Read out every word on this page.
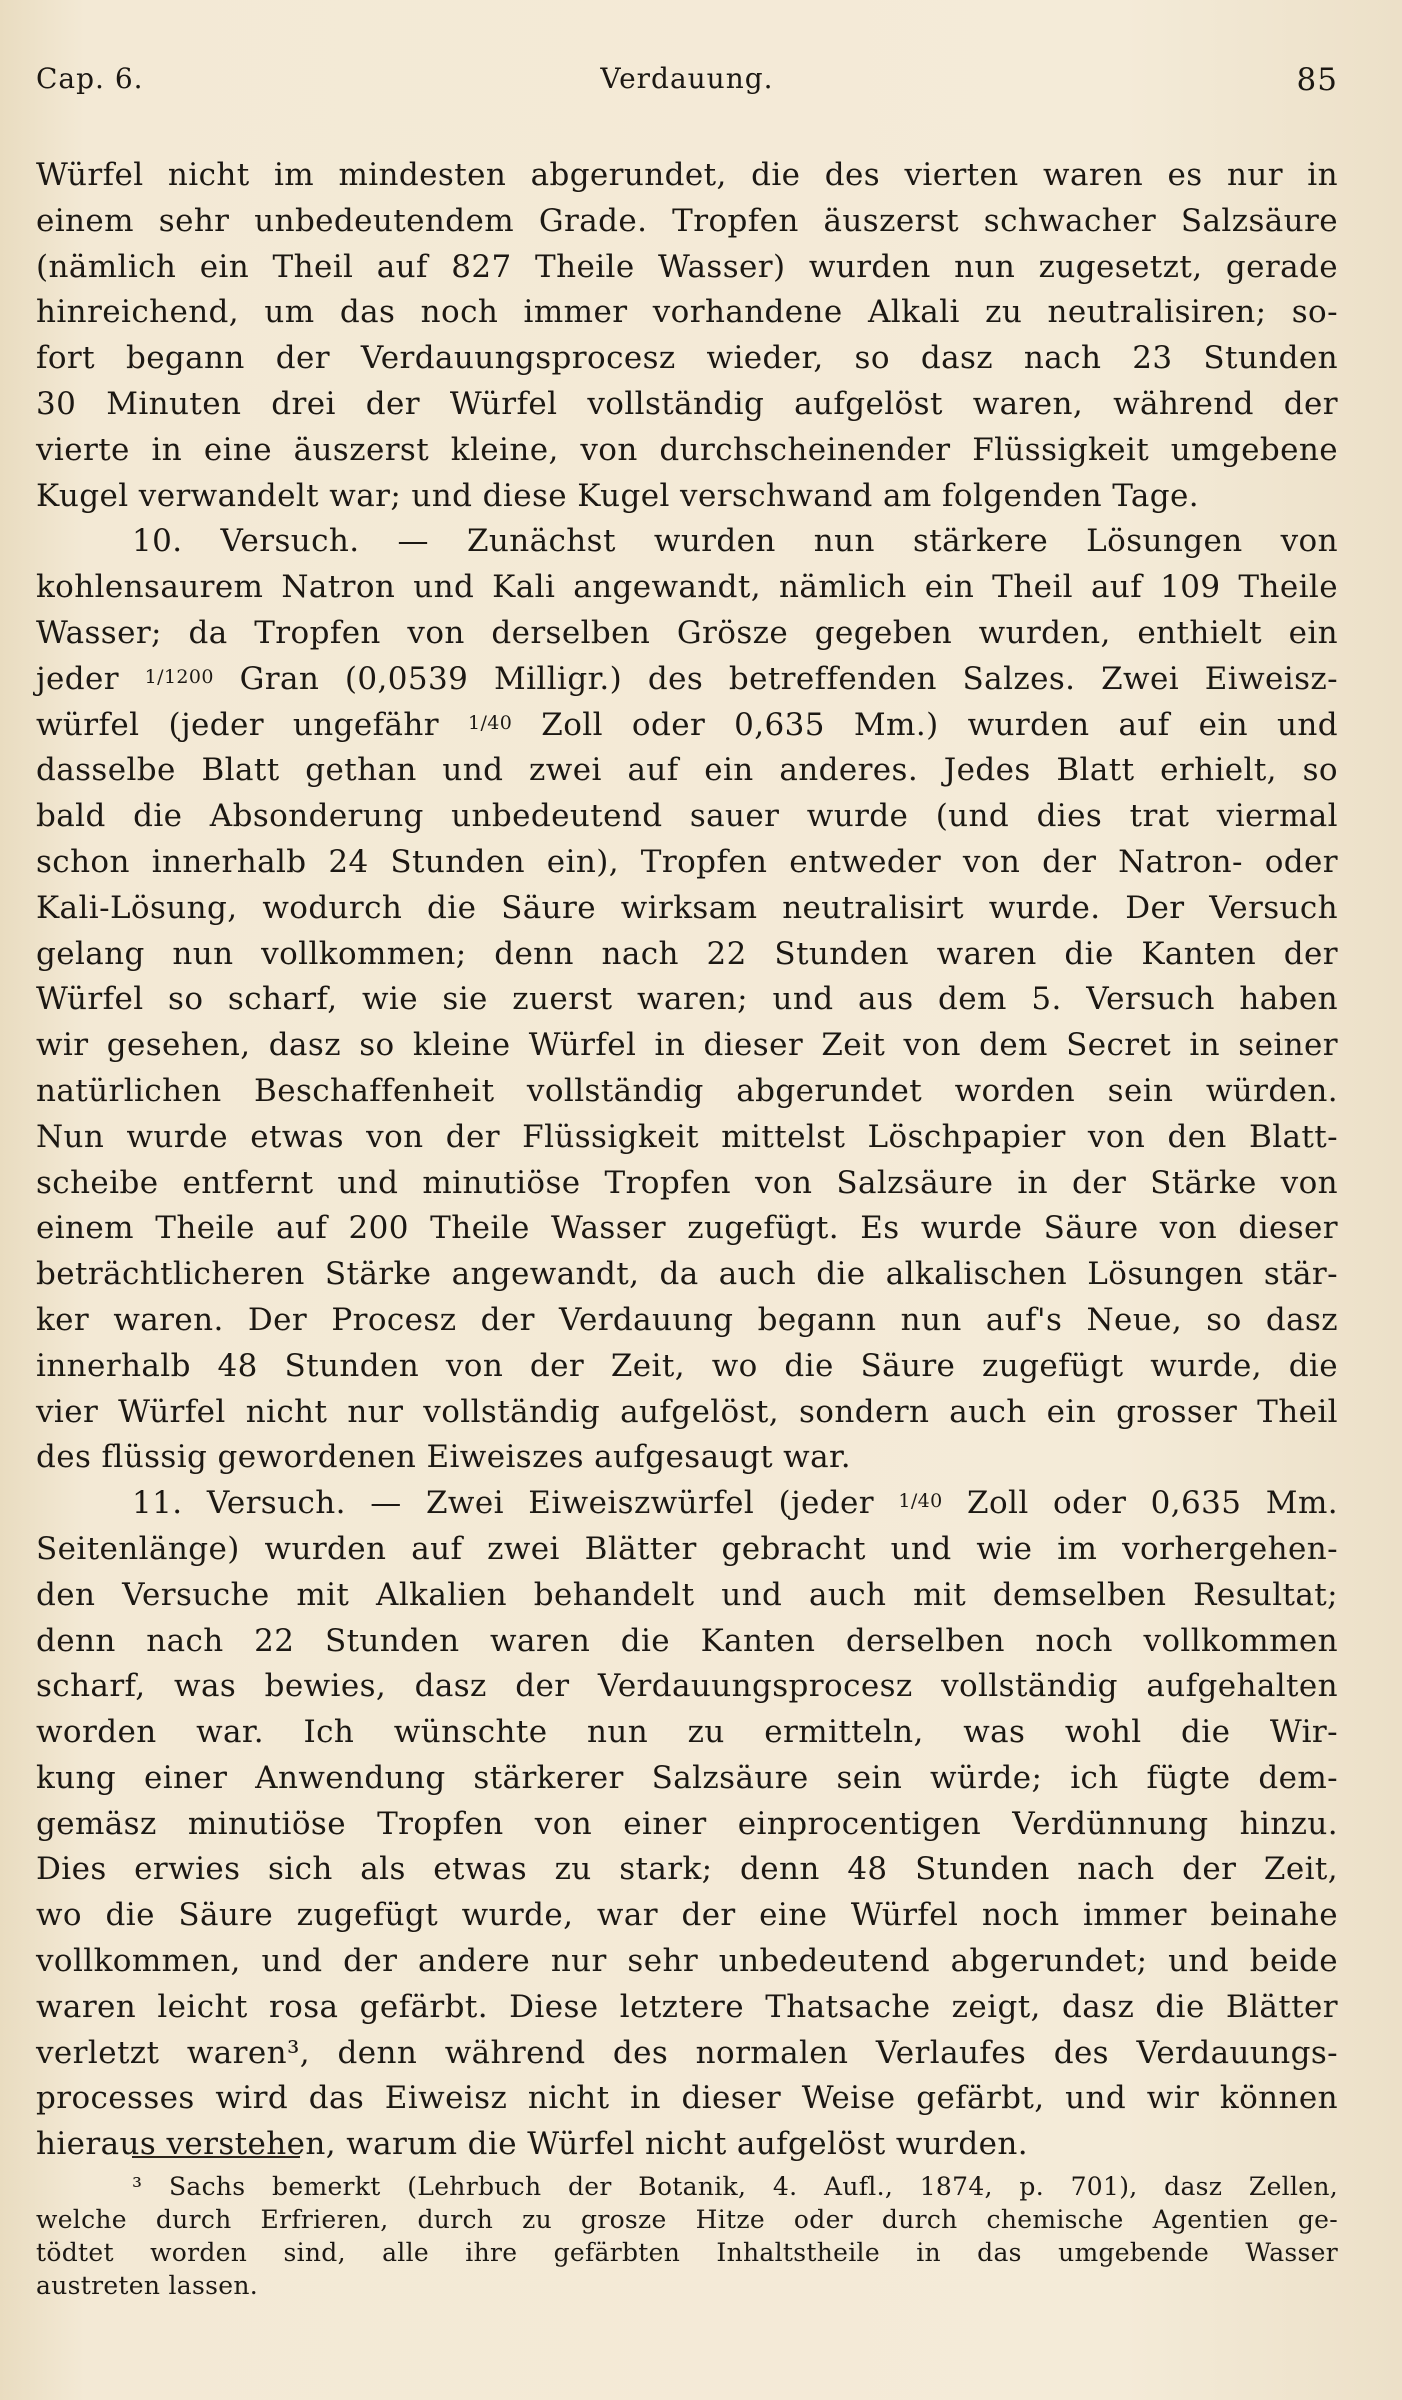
Cap. 6.	Verdauung.	85
Würfel nicht im mindesten abgerundet, die des vierten waren es nur in
einem sehr unbedeutendem Grade. Tropfen äuszerst schwacher Salzsäure
(nämlich ein Theil auf 827 Theile Wasser) wurden nun zugesetzt, gerade
hinreichend, um das noch immer vorhandene Alkali zu neutralisiren; so-
fort begann der Verdauungsprocesz wieder, so dasz nach 23 Stunden
30 Minuten drei der Würfel vollständig aufgelöst waren, während der
vierte in eine äuszerst kleine, von durchscheinender Flüssigkeit umgebene
Kugel verwandelt war; und diese Kugel verschwand am folgenden Tage.
10. Versuch. — Zunächst wurden nun stärkere Lösungen von
kohlensaurem Natron und Kali angewandt, nämlich ein Theil auf 109 Theile
Wasser; da Tropfen von derselben Grösze gegeben wurden, enthielt ein
jeder 1/1200 Gran (0,0539 Milligr.) des betreffenden Salzes. Zwei Eiweisz-
würfel (jeder ungefähr 1/40 Zoll oder 0,635 Mm.) wurden auf ein und
dasselbe Blatt gethan und zwei auf ein anderes. Jedes Blatt erhielt, so
bald die Absonderung unbedeutend sauer wurde (und dies trat viermal
schon innerhalb 24 Stunden ein), Tropfen entweder von der Natron- oder
Kali-Lösung, wodurch die Säure wirksam neutralisirt wurde. Der Versuch
gelang nun vollkommen; denn nach 22 Stunden waren die Kanten der
Würfel so scharf, wie sie zuerst waren; und aus dem 5. Versuch haben
wir gesehen, dasz so kleine Würfel in dieser Zeit von dem Secret in seiner
natürlichen Beschaffenheit vollständig abgerundet worden sein würden.
Nun wurde etwas von der Flüssigkeit mittelst Löschpapier von den Blatt-
scheibe entfernt und minutiöse Tropfen von Salzsäure in der Stärke von
einem Theile auf 200 Theile Wasser zugefügt. Es wurde Säure von dieser
beträchtlicheren Stärke angewandt, da auch die alkalischen Lösungen stär-
ker waren. Der Procesz der Verdauung begann nun auf's Neue, so dasz
innerhalb 48 Stunden von der Zeit, wo die Säure zugefügt wurde, die
vier Würfel nicht nur vollständig aufgelöst, sondern auch ein grosser Theil
des flüssig gewordenen Eiweiszes aufgesaugt war.
11. Versuch. — Zwei Eiweiszwürfel (jeder 1/40 Zoll oder 0,635 Mm.
Seitenlänge) wurden auf zwei Blätter gebracht und wie im vorhergehen-
den Versuche mit Alkalien behandelt und auch mit demselben Resultat;
denn nach 22 Stunden waren die Kanten derselben noch vollkommen
scharf, was bewies, dasz der Verdauungsprocesz vollständig aufgehalten
worden war. Ich wünschte nun zu ermitteln, was wohl die Wir-
kung einer Anwendung stärkerer Salzsäure sein würde; ich fügte dem-
gemäsz minutiöse Tropfen von einer einprocentigen Verdünnung hinzu.
Dies erwies sich als etwas zu stark; denn 48 Stunden nach der Zeit,
wo die Säure zugefügt wurde, war der eine Würfel noch immer beinahe
vollkommen, und der andere nur sehr unbedeutend abgerundet; und beide
waren leicht rosa gefärbt. Diese letztere Thatsache zeigt, dasz die Blätter
verletzt waren³, denn während des normalen Verlaufes des Verdauungs-
processes wird das Eiweisz nicht in dieser Weise gefärbt, und wir können
hieraus verstehen, warum die Würfel nicht aufgelöst wurden.
³ Sachs bemerkt (Lehrbuch der Botanik, 4. Aufl., 1874, p. 701), dasz Zellen,
welche durch Erfrieren, durch zu grosze Hitze oder durch chemische Agentien ge-
tödtet worden sind, alle ihre gefärbten Inhaltstheile in das umgebende Wasser
austreten lassen.
